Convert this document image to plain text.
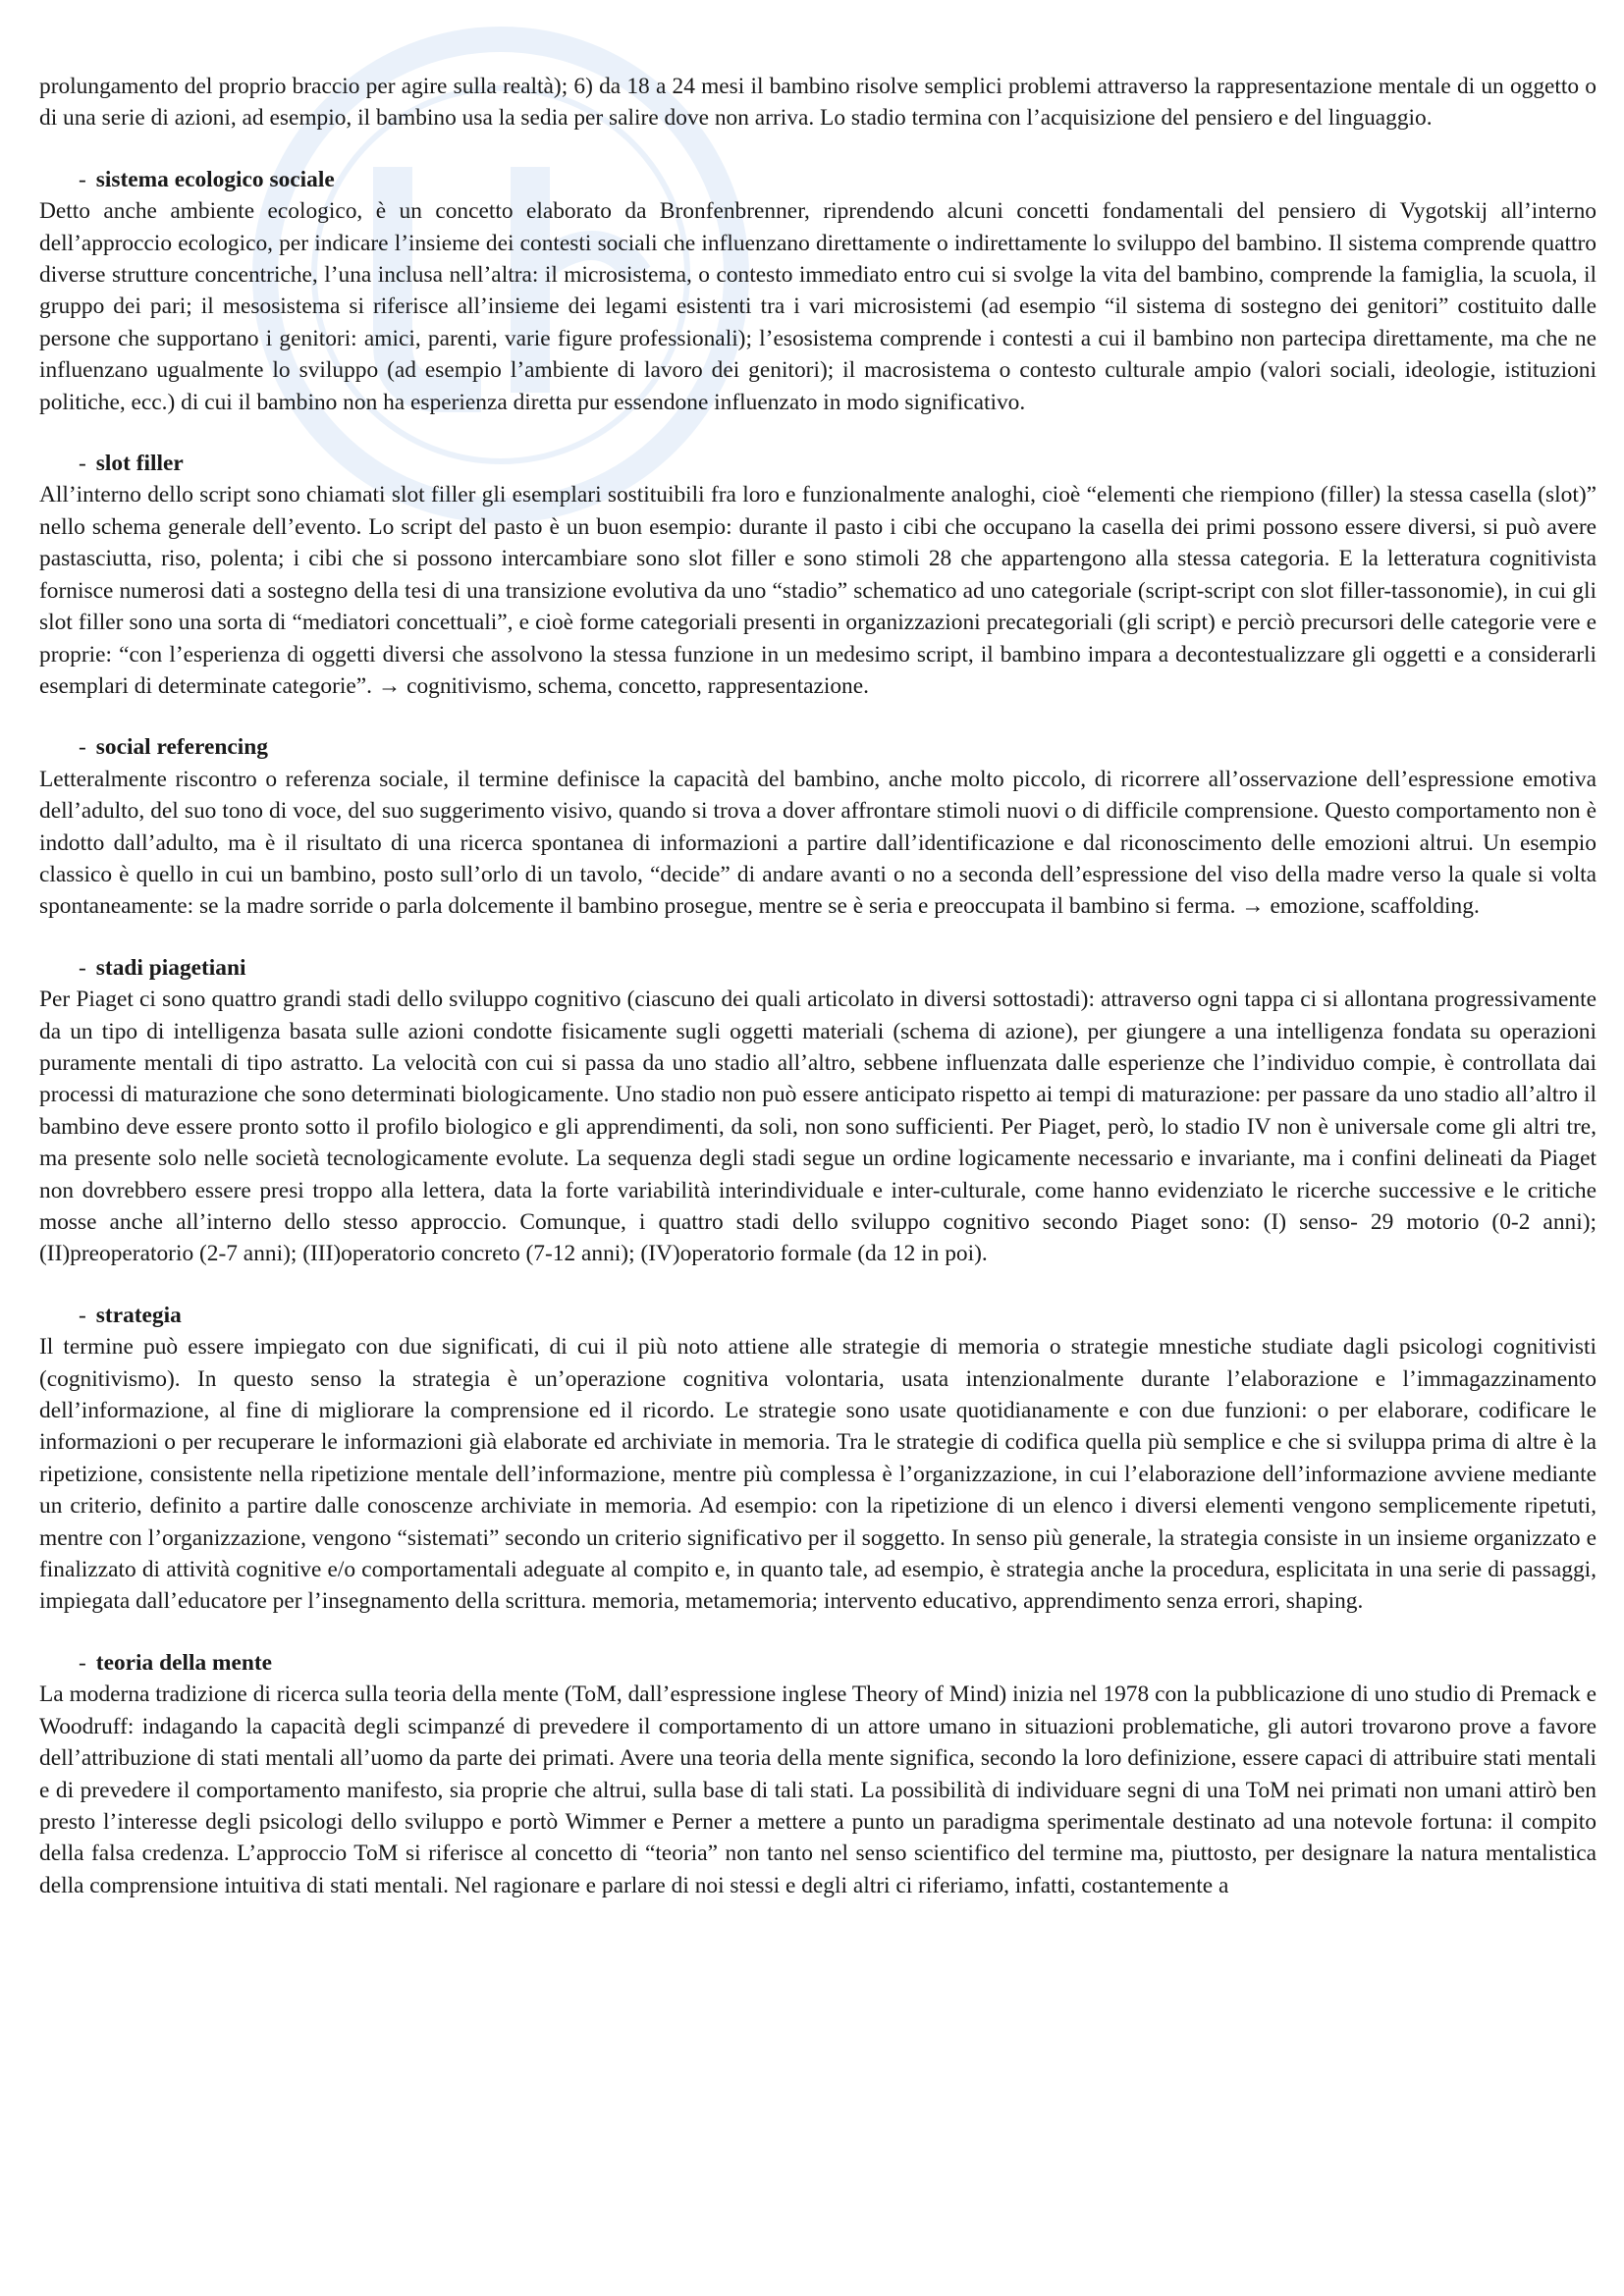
prolungamento del proprio braccio per agire sulla realtà); 6) da 18 a 24 mesi il bambino risolve semplici problemi attraverso la rappresentazione mentale di un oggetto o di una serie di azioni, ad esempio, il bambino usa la sedia per salire dove non arriva. Lo stadio termina con l’acquisizione del pensiero e del linguaggio.

- sistema ecologico sociale

Detto anche ambiente ecologico, è un concetto elaborato da Bronfenbrenner, riprendendo alcuni concetti fondamentali del pensiero di Vygotskij all’interno dell’approccio ecologico, per indicare l’insieme dei contesti sociali che influenzano direttamente o indirettamente lo sviluppo del bambino. Il sistema comprende quattro diverse strutture concentriche, l’una inclusa nell’altra: il microsistema, o contesto immediato entro cui si svolge la vita del bambino, comprende la famiglia, la scuola, il gruppo dei pari; il mesosistema si riferisce all’insieme dei legami esistenti tra i vari microsistemi (ad esempio “il sistema di sostegno dei genitori” costituito dalle persone che supportano i genitori: amici, parenti, varie figure professionali); l’esosistema comprende i contesti a cui il bambino non partecipa direttamente, ma che ne influenzano ugualmente lo sviluppo (ad esempio l’ambiente di lavoro dei genitori); il macrosistema o contesto culturale ampio (valori sociali, ideologie, istituzioni politiche, ecc.) di cui il bambino non ha esperienza diretta pur essendone influenzato in modo significativo.

- slot filler

All’interno dello script sono chiamati slot filler gli esemplari sostituibili fra loro e funzionalmente analoghi, cioè “elementi che riempiono (filler) la stessa casella (slot)” nello schema generale dell’evento. Lo script del pasto è un buon esempio: durante il pasto i cibi che occupano la casella dei primi possono essere diversi, si può avere pastasciutta, riso, polenta; i cibi che si possono intercambiare sono slot filler e sono stimoli 28 che appartengono alla stessa categoria. E la letteratura cognitivista fornisce numerosi dati a sostegno della tesi di una transizione evolutiva da uno “stadio” schematico ad uno categoriale (script-script con slot filler-tassonomie), in cui gli slot filler sono una sorta di “mediatori concettuali”, e cioè forme categoriali presenti in organizzazioni precategoriali (gli script) e perciò precursori delle categorie vere e proprie: “con l’esperienza di oggetti diversi che assolvono la stessa funzione in un medesimo script, il bambino impara a decontestualizzare gli oggetti e a considerarli esemplari di determinate categorie”. → cognitivismo, schema, concetto, rappresentazione.

- social referencing

Letteralmente riscontro o referenza sociale, il termine definisce la capacità del bambino, anche molto piccolo, di ricorrere all’osservazione dell’espressione emotiva dell’adulto, del suo tono di voce, del suo suggerimento visivo, quando si trova a dover affrontare stimoli nuovi o di difficile comprensione. Questo comportamento non è indotto dall’adulto, ma è il risultato di una ricerca spontanea di informazioni a partire dall’identificazione e dal riconoscimento delle emozioni altrui. Un esempio classico è quello in cui un bambino, posto sull’orlo di un tavolo, “decide” di andare avanti o no a seconda dell’espressione del viso della madre verso la quale si volta spontaneamente: se la madre sorride o parla dolcemente il bambino prosegue, mentre se è seria e preoccupata il bambino si ferma. → emozione, scaffolding.

- stadi piagetiani

Per Piaget ci sono quattro grandi stadi dello sviluppo cognitivo (ciascuno dei quali articolato in diversi sottostadi): attraverso ogni tappa ci si allontana progressivamente da un tipo di intelligenza basata sulle azioni condotte fisicamente sugli oggetti materiali (schema di azione), per giungere a una intelligenza fondata su operazioni puramente mentali di tipo astratto. La velocità con cui si passa da uno stadio all’altro, sebbene influenzata dalle esperienze che l’individuo compie, è controllata dai processi di maturazione che sono determinati biologicamente. Uno stadio non può essere anticipato rispetto ai tempi di maturazione: per passare da uno stadio all’altro il bambino deve essere pronto sotto il profilo biologico e gli apprendimenti, da soli, non sono sufficienti. Per Piaget, però, lo stadio IV non è universale come gli altri tre, ma presente solo nelle società tecnologicamente evolute. La sequenza degli stadi segue un ordine logicamente necessario e invariante, ma i confini delineati da Piaget non dovrebbero essere presi troppo alla lettera, data la forte variabilità interindividuale e inter-culturale, come hanno evidenziato le ricerche successive e le critiche mosse anche all’interno dello stesso approccio. Comunque, i quattro stadi dello sviluppo cognitivo secondo Piaget sono: (I) senso- 29 motorio (0-2 anni); (II)preoperatorio (2-7 anni); (III)operatorio concreto (7-12 anni); (IV)operatorio formale (da 12 in poi).

- strategia

Il termine può essere impiegato con due significati, di cui il più noto attiene alle strategie di memoria o strategie mnestiche studiate dagli psicologi cognitivisti (cognitivismo). In questo senso la strategia è un’operazione cognitiva volontaria, usata intenzionalmente durante l’elaborazione e l’immagazzinamento dell’informazione, al fine di migliorare la comprensione ed il ricordo. Le strategie sono usate quotidianamente e con due funzioni: o per elaborare, codificare le informazioni o per recuperare le informazioni già elaborate ed archiviate in memoria. Tra le strategie di codifica quella più semplice e che si sviluppa prima di altre è la ripetizione, consistente nella ripetizione mentale dell’informazione, mentre più complessa è l’organizzazione, in cui l’elaborazione dell’informazione avviene mediante un criterio, definito a partire dalle conoscenze archiviate in memoria. Ad esempio: con la ripetizione di un elenco i diversi elementi vengono semplicemente ripetuti, mentre con l’organizzazione, vengono “sistemati” secondo un criterio significativo per il soggetto. In senso più generale, la strategia consiste in un insieme organizzato e finalizzato di attività cognitive e/o comportamentali adeguate al compito e, in quanto tale, ad esempio, è strategia anche la procedura, esplicitata in una serie di passaggi, impiegata dall’educatore per l’insegnamento della scrittura. memoria, metamemoria; intervento educativo, apprendimento senza errori, shaping.

- teoria della mente

La moderna tradizione di ricerca sulla teoria della mente (ToM, dall’espressione inglese Theory of Mind) inizia nel 1978 con la pubblicazione di uno studio di Premack e Woodruff: indagando la capacità degli scimpanzé di prevedere il comportamento di un attore umano in situazioni problematiche, gli autori trovarono prove a favore dell’attribuzione di stati mentali all’uomo da parte dei primati. Avere una teoria della mente significa, secondo la loro definizione, essere capaci di attribuire stati mentali e di prevedere il comportamento manifesto, sia proprie che altrui, sulla base di tali stati. La possibilità di individuare segni di una ToM nei primati non umani attirò ben presto l’interesse degli psicologi dello sviluppo e portò Wimmer e Perner a mettere a punto un paradigma sperimentale destinato ad una notevole fortuna: il compito della falsa credenza. L’approccio ToM si riferisce al concetto di “teoria” non tanto nel senso scientifico del termine ma, piuttosto, per designare la natura mentalistica della comprensione intuitiva di stati mentali. Nel ragionare e parlare di noi stessi e degli altri ci riferiamo, infatti, costantemente a
